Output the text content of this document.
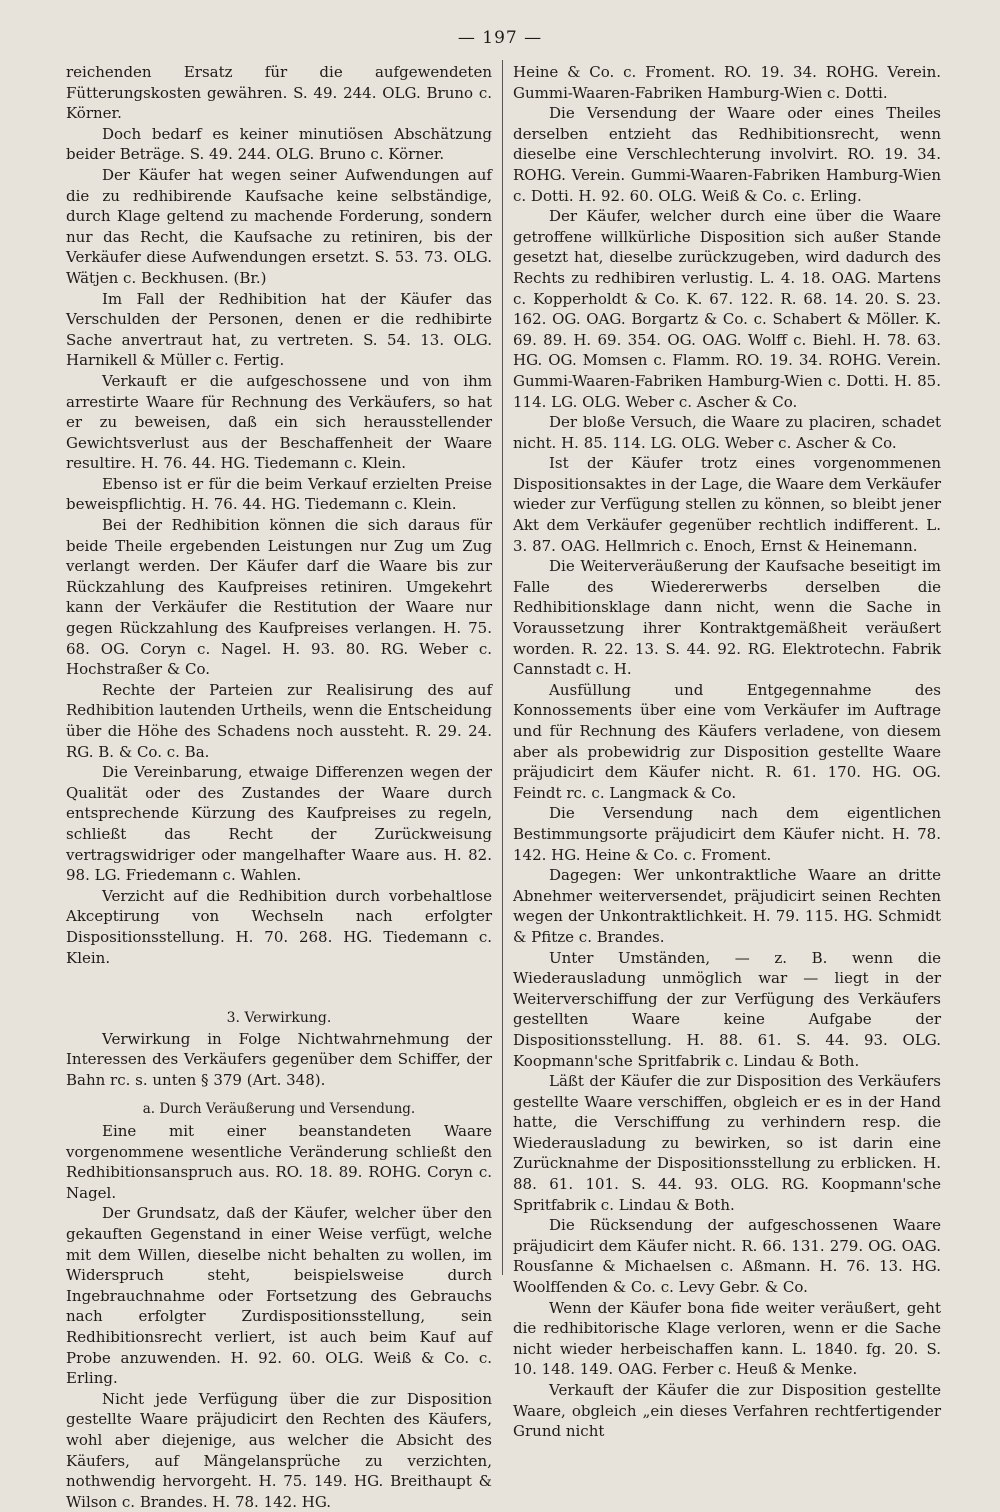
— 197 —

reichenden Ersatz für die aufgewendeten Fütterungskosten gewähren. S. 49. 244. OLG. Bruno c. Körner.

Doch bedarf es keiner minutiösen Abschätzung beider Beträge. S. 49. 244. OLG. Bruno c. Körner.

Der Käufer hat wegen seiner Aufwendungen auf die zu redhibirende Kaufsache keine selbständige, durch Klage geltend zu machende Forderung, sondern nur das Recht, die Kaufsache zu retiniren, bis der Verkäufer diese Aufwendungen ersetzt. S. 53. 73. OLG. Wätjen c. Beckhusen. (Br.)

Im Fall der Redhibition hat der Käufer das Verschulden der Personen, denen er die redhibirte Sache anvertraut hat, zu vertreten. S. 54. 13. OLG. Harnikell & Müller c. Fertig.

Verkauft er die aufgeschossene und von ihm arrestirte Waare für Rechnung des Verkäufers, so hat er zu beweisen, daß ein sich herausstellender Gewichtsverlust aus der Beschaffenheit der Waare resultire. H. 76. 44. HG. Tiedemann c. Klein.

Ebenso ist er für die beim Verkauf erzielten Preise beweispflichtig. H. 76. 44. HG. Tiedemann c. Klein.

Bei der Redhibition können die sich daraus für beide Theile ergebenden Leistungen nur Zug um Zug verlangt werden. Der Käufer darf die Waare bis zur Rückzahlung des Kaufpreises retiniren. Umgekehrt kann der Verkäufer die Restitution der Waare nur gegen Rückzahlung des Kaufpreises verlangen. H. 75. 68. OG. Coryn c. Nagel. H. 93. 80. RG. Weber c. Hochstraßer & Co.

Rechte der Parteien zur Realisirung des auf Redhibition lautenden Urtheils, wenn die Entscheidung über die Höhe des Schadens noch aussteht. R. 29. 24. RG. B. & Co. c. Ba.

Die Vereinbarung, etwaige Differenzen wegen der Qualität oder des Zustandes der Waare durch entsprechende Kürzung des Kaufpreises zu regeln, schließt das Recht der Zurückweisung vertragswidriger oder mangelhafter Waare aus. H. 82. 98. LG. Friedemann c. Wahlen.

Verzicht auf die Redhibition durch vorbehaltlose Akceptirung von Wechseln nach erfolgter Dispositionsstellung. H. 70. 268. HG. Tiedemann c. Klein.

3. Verwirkung.

Verwirkung in Folge Nichtwahrnehmung der Interessen des Verkäufers gegenüber dem Schiffer, der Bahn rc. s. unten § 379 (Art. 348).

a. Durch Veräußerung und Versendung.

Eine mit einer beanstandeten Waare vorgenommene wesentliche Veränderung schließt den Redhibitionsanspruch aus. RO. 18. 89. ROHG. Coryn c. Nagel.

Der Grundsatz, daß der Käufer, welcher über den gekauften Gegenstand in einer Weise verfügt, welche mit dem Willen, dieselbe nicht behalten zu wollen, im Widerspruch steht, beispielsweise durch Ingebrauchnahme oder Fortsetzung des Gebrauchs nach erfolgter Zurdispositionsstellung, sein Redhibitionsrecht verliert, ist auch beim Kauf auf Probe anzuwenden. H. 92. 60. OLG. Weiß & Co. c. Erling.

Nicht jede Verfügung über die zur Disposition gestellte Waare präjudicirt den Rechten des Käufers, wohl aber diejenige, aus welcher die Absicht des Käufers, auf Mängelansprüche zu verzichten, nothwendig hervorgeht. H. 75. 149. HG. Breithaupt & Wilson c. Brandes. H. 78. 142. HG.

Heine & Co. c. Froment. RO. 19. 34. ROHG. Verein. Gummi-Waaren-Fabriken Hamburg-Wien c. Dotti.

Die Versendung der Waare oder eines Theiles derselben entzieht das Redhibitionsrecht, wenn dieselbe eine Verschlechterung involvirt. RO. 19. 34. ROHG. Verein. Gummi-Waaren-Fabriken Hamburg-Wien c. Dotti. H. 92. 60. OLG. Weiß & Co. c. Erling.

Der Käufer, welcher durch eine über die Waare getroffene willkürliche Disposition sich außer Stande gesetzt hat, dieselbe zurückzugeben, wird dadurch des Rechts zu redhibiren verlustig. L. 4. 18. OAG. Martens c. Kopperholdt & Co. K. 67. 122. R. 68. 14. 20. S. 23. 162. OG. OAG. Borgartz & Co. c. Schabert & Möller. K. 69. 89. H. 69. 354. OG. OAG. Wolff c. Biehl. H. 78. 63. HG. OG. Momsen c. Flamm. RO. 19. 34. ROHG. Verein. Gummi-Waaren-Fabriken Hamburg-Wien c. Dotti. H. 85. 114. LG. OLG. Weber c. Ascher & Co.

Der bloße Versuch, die Waare zu placiren, schadet nicht. H. 85. 114. LG. OLG. Weber c. Ascher & Co.

Ist der Käufer trotz eines vorgenommenen Dispositionsaktes in der Lage, die Waare dem Verkäufer wieder zur Verfügung stellen zu können, so bleibt jener Akt dem Verkäufer gegenüber rechtlich indifferent. L. 3. 87. OAG. Hellmrich c. Enoch, Ernst & Heinemann.

Die Weiterveräußerung der Kaufsache beseitigt im Falle des Wiedererwerbs derselben die Redhibitionsklage dann nicht, wenn die Sache in Voraussetzung ihrer Kontraktgemäßheit veräußert worden. R. 22. 13. S. 44. 92. RG. Elektrotechn. Fabrik Cannstadt c. H.

Ausfüllung und Entgegennahme des Konnossements über eine vom Verkäufer im Auftrage und für Rechnung des Käufers verladene, von diesem aber als probewidrig zur Disposition gestellte Waare präjudicirt dem Käufer nicht. R. 61. 170. HG. OG. Feindt rc. c. Langmack & Co.

Die Versendung nach dem eigentlichen Bestimmungsorte präjudicirt dem Käufer nicht. H. 78. 142. HG. Heine & Co. c. Froment.

Dagegen: Wer unkontraktliche Waare an dritte Abnehmer weiterversendet, präjudicirt seinen Rechten wegen der Unkontraktlichkeit. H. 79. 115. HG. Schmidt & Pfitze c. Brandes.

Unter Umständen, — z. B. wenn die Wiederausladung unmöglich war — liegt in der Weiterverschiffung der zur Verfügung des Verkäufers gestellten Waare keine Aufgabe der Dispositionsstellung. H. 88. 61. S. 44. 93. OLG. Koopmann'sche Spritfabrik c. Lindau & Both.

Läßt der Käufer die zur Disposition des Verkäufers gestellte Waare verschiffen, obgleich er es in der Hand hatte, die Verschiffung zu verhindern resp. die Wiederausladung zu bewirken, so ist darin eine Zurücknahme der Dispositionsstellung zu erblicken. H. 88. 61. 101. S. 44. 93. OLG. RG. Koopmann'sche Spritfabrik c. Lindau & Both.

Die Rücksendung der aufgeschossenen Waare präjudicirt dem Käufer nicht. R. 66. 131. 279. OG. OAG. Rousſanne & Michaelsen c. Aßmann. H. 76. 13. HG. Woolfſenden & Co. c. Levy Gebr. & Co.

Wenn der Käufer bona fide weiter veräußert, geht die redhibitorische Klage verloren, wenn er die Sache nicht wieder herbeischaffen kann. L. 1840. fg. 20. S. 10. 148. 149. OAG. Ferber c. Heuß & Menke.

Verkauft der Käufer die zur Disposition gestellte Waare, obgleich „ein dieses Verfahren rechtfertigender Grund nicht
